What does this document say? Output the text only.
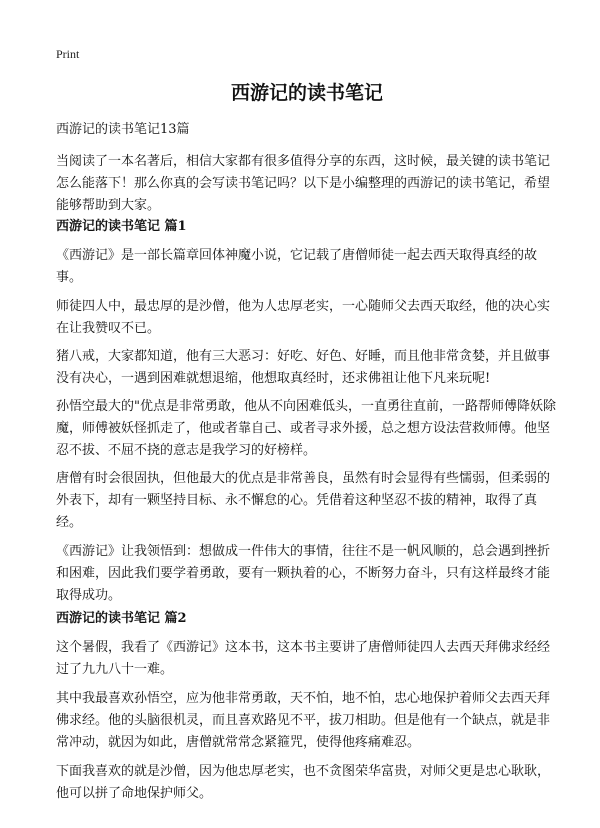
Print
西游记的读书笔记
西游记的读书笔记13篇

当阅读了一本名著后，相信大家都有很多值得分享的东西，这时候，最关键的读书笔记怎么能落下！那么你真的会写读书笔记吗？以下是小编整理的西游记的读书笔记，希望能够帮助到大家。

西游记的读书笔记 篇1

《西游记》是一部长篇章回体神魔小说，它记载了唐僧师徒一起去西天取得真经的故事。

师徒四人中，最忠厚的是沙僧，他为人忠厚老实，一心随师父去西天取经，他的决心实在让我赞叹不已。

猪八戒，大家都知道，他有三大恶习：好吃、好色、好睡，而且他非常贪婪，并且做事没有决心，一遇到困难就想退缩，他想取真经时，还求佛祖让他下凡来玩呢!

孙悟空最大的"优点是非常勇敢，他从不向困难低头，一直勇往直前，一路帮师傅降妖除魔，师傅被妖怪抓走了，他或者靠自己、或者寻求外援，总之想方设法营救师傅。他坚忍不拔、不屈不挠的意志是我学习的好榜样。

唐僧有时会很固执，但他最大的优点是非常善良，虽然有时会显得有些懦弱，但柔弱的外表下，却有一颗坚持目标、永不懈怠的心。凭借着这种坚忍不拔的精神，取得了真经。

《西游记》让我领悟到：想做成一件伟大的事情，往往不是一帆风顺的，总会遇到挫折和困难，因此我们要学着勇敢，要有一颗执着的心，不断努力奋斗，只有这样最终才能取得成功。

西游记的读书笔记 篇2

这个暑假，我看了《西游记》这本书，这本书主要讲了唐僧师徒四人去西天拜佛求经经过了九九八十一难。

其中我最喜欢孙悟空，应为他非常勇敢，天不怕，地不怕，忠心地保护着师父去西天拜佛求经。他的头脑很机灵，而且喜欢路见不平，拔刀相助。但是他有一个缺点，就是非常冲动，就因为如此，唐僧就常常念紧箍咒，使得他疼痛难忍。

下面我喜欢的就是沙僧，因为他忠厚老实，也不贪图荣华富贵，对师父更是忠心耿耿，他可以拼了命地保护师父。
